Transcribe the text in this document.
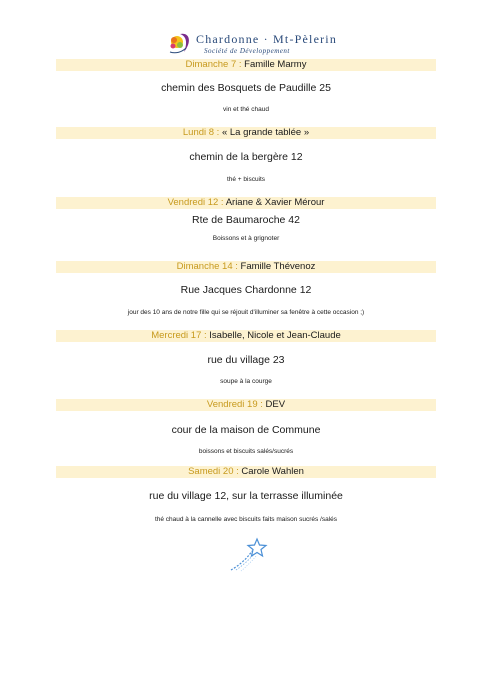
Chardonne · Mt-Pèlerin
Société de Développement
Dimanche 7 : Famille Marmy
chemin des Bosquets de Paudille 25
vin et thé chaud
Lundi 8 : « La grande tablée »
chemin de la bergère 12
thé + biscuits
Vendredi 12 : Ariane & Xavier Mérour
Rte de Baumaroche 42
Boissons et à grignoter
Dimanche 14 : Famille Thévenoz
Rue Jacques Chardonne 12
jour des 10 ans de notre fille qui se réjouit d'illuminer sa fenêtre à cette occasion ;)
Mercredi 17 : Isabelle, Nicole et Jean-Claude
rue du village 23
soupe à la courge
Vendredi 19 : DEV
cour de la maison de Commune
boissons et biscuits salés/sucrés
Samedi 20 : Carole Wahlen
rue du village 12, sur la terrasse illuminée
thé chaud à la cannelle avec biscuits faits maison sucrés /salés
